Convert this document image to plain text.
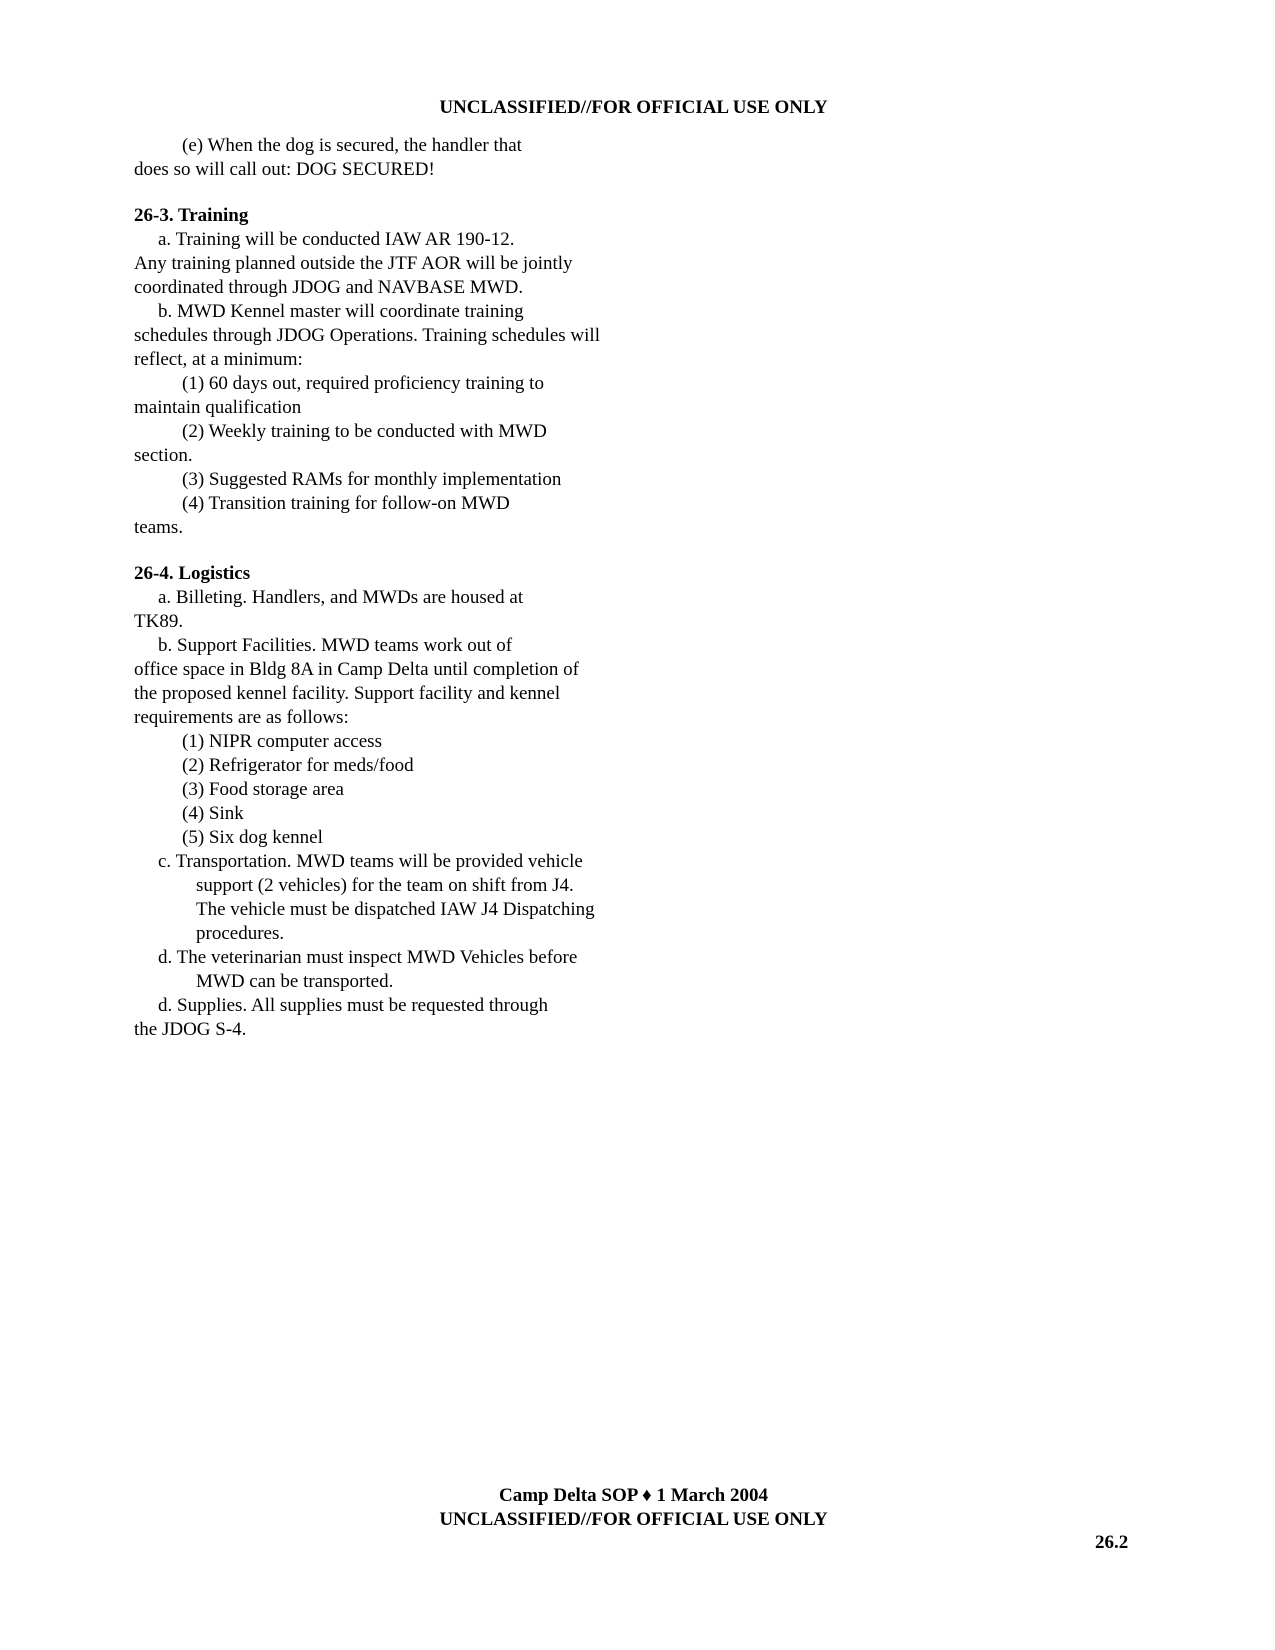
UNCLASSIFIED//FOR OFFICIAL USE ONLY

(e) When the dog is secured, the handler that

does so will call out: DOG SECURED!

26-3. Training

a. Training will be conducted IAW AR 190-12.

Any training planned outside the JTF AOR will be jointly coordinated through JDOG and NAVBASE MWD.

b. MWD Kennel master will coordinate training

schedules through JDOG Operations. Training schedules will reflect, at a minimum:

(1) 60 days out, required proficiency training to

maintain qualification

(2) Weekly training to be conducted with MWD

section.

(3) Suggested RAMs for monthly implementation

(4) Transition training for follow-on MWD

teams.

26-4. Logistics

a. Billeting. Handlers, and MWDs are housed at

TK89.

b. Support Facilities. MWD teams work out of

office space in Bldg 8A in Camp Delta until completion of the proposed kennel facility. Support facility and kennel requirements are as follows:

(1) NIPR computer access

(2) Refrigerator for meds/food

(3) Food storage area

(4) Sink

(5) Six dog kennel

c. Transportation. MWD teams will be provided vehicle support (2 vehicles) for the team on shift from J4. The vehicle must be dispatched IAW J4 Dispatching procedures.

d. The veterinarian must inspect MWD Vehicles before MWD can be transported.

d. Supplies. All supplies must be requested through

the JDOG S-4.

Camp Delta SOP ♦ 1 March 2004
UNCLASSIFIED//FOR OFFICIAL USE ONLY
26.2
